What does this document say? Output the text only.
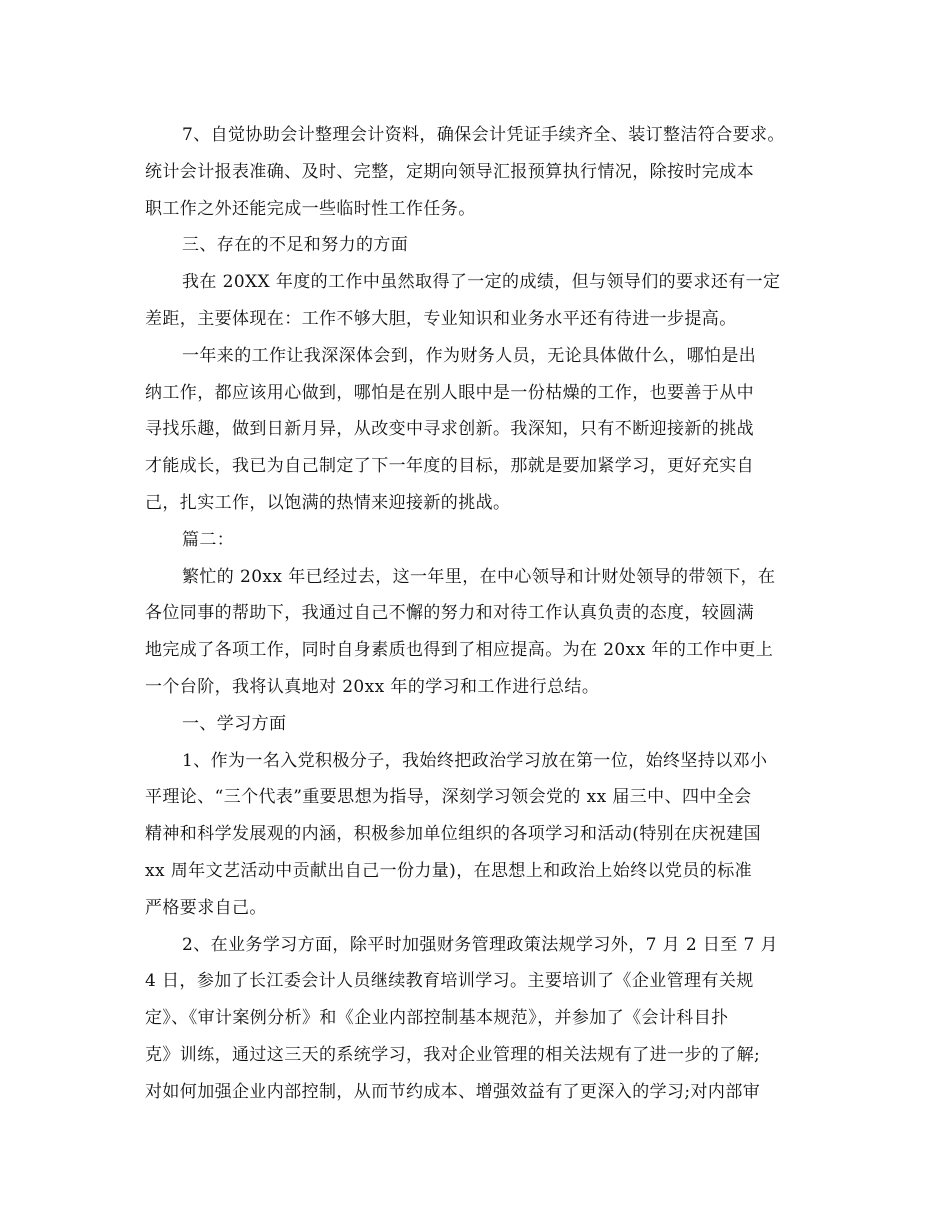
7、自觉协助会计整理会计资料，确保会计凭证手续齐全、装订整洁符合要求。
统计会计报表准确、及时、完整，定期向领导汇报预算执行情况，除按时完成本
职工作之外还能完成一些临时性工作任务。
三、存在的不足和努力的方面
我在 20XX 年度的工作中虽然取得了一定的成绩，但与领导们的要求还有一定
差距，主要体现在：工作不够大胆，专业知识和业务水平还有待进一步提高。
一年来的工作让我深深体会到，作为财务人员，无论具体做什么，哪怕是出
纳工作，都应该用心做到，哪怕是在别人眼中是一份枯燥的工作，也要善于从中
寻找乐趣，做到日新月异，从改变中寻求创新。我深知，只有不断迎接新的挑战
才能成长，我已为自己制定了下一年度的目标，那就是要加紧学习，更好充实自
己，扎实工作，以饱满的热情来迎接新的挑战。
篇二：
繁忙的 20xx 年已经过去，这一年里，在中心领导和计财处领导的带领下，在
各位同事的帮助下，我通过自己不懈的努力和对待工作认真负责的态度，较圆满
地完成了各项工作，同时自身素质也得到了相应提高。为在 20xx 年的工作中更上
一个台阶，我将认真地对 20xx 年的学习和工作进行总结。
一、学习方面
1、作为一名入党积极分子，我始终把政治学习放在第一位，始终坚持以邓小
平理论、“三个代表”重要思想为指导，深刻学习领会党的 xx 届三中、四中全会
精神和科学发展观的内涵，积极参加单位组织的各项学习和活动(特别在庆祝建国
xx 周年文艺活动中贡献出自己一份力量)，在思想上和政治上始终以党员的标准
严格要求自己。
2、在业务学习方面，除平时加强财务管理政策法规学习外，7 月 2 日至 7 月
4 日，参加了长江委会计人员继续教育培训学习。主要培训了《企业管理有关规
定》、《审计案例分析》和《企业内部控制基本规范》，并参加了《会计科目扑
克》训练，通过这三天的系统学习，我对企业管理的相关法规有了进一步的了解;
对如何加强企业内部控制，从而节约成本、增强效益有了更深入的学习;对内部审
